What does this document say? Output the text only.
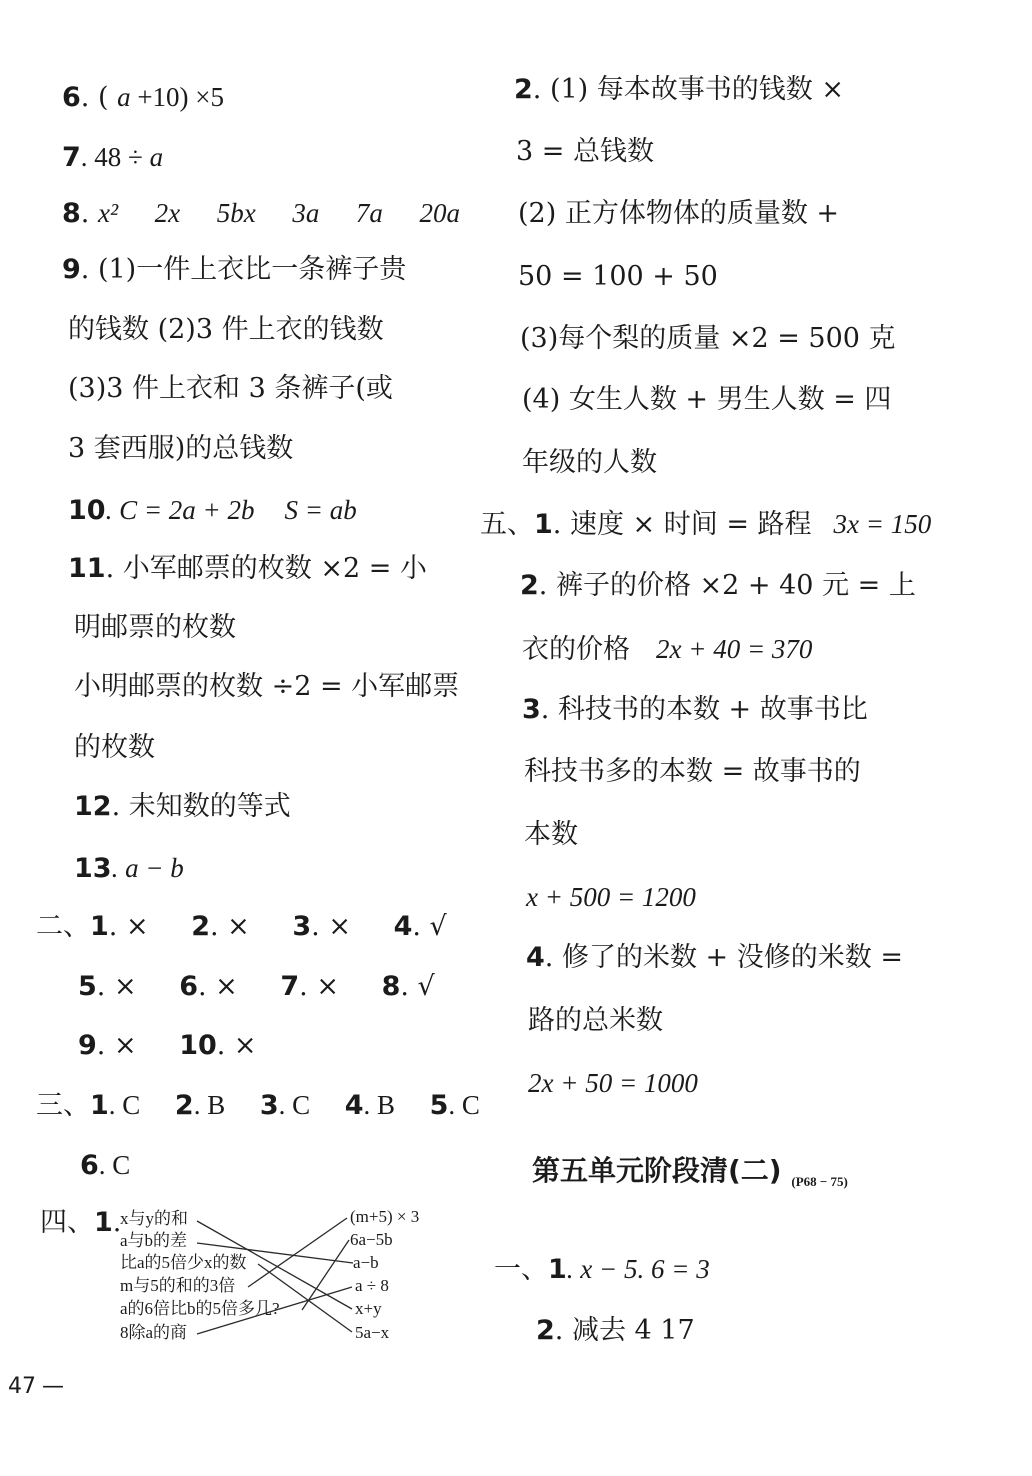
6. ( a +10) ×5
7. 48 ÷ a
8. x² 2x 5bx 3a 7a 20a
9. (1)一件上衣比一条裤子贵
的钱数 (2)3 件上衣的钱数
(3)3 件上衣和 3 条裤子(或
3 套西服)的总钱数
10. C = 2a + 2b S = ab
11. 小军邮票的枚数 ×2 = 小
明邮票的枚数
小明邮票的枚数 ÷2 = 小军邮票
的枚数
12. 未知数的等式
13. a − b
二、1. × 2. × 3. × 4. √
5. × 6. × 7. × 8. √
9. × 10. ×
三、1. C 2. B 3. C 4. B 5. C
6. C
四、1.
x与y的和
a与b的差
比a的5倍少x的数
m与5的和的3倍
a的6倍比b的5倍多几?
8除a的商
(m+5) × 3
6a−5b
a−b
a ÷ 8
x+y
5a−x
2. (1) 每本故事书的钱数 ×
3 = 总钱数
(2) 正方体物体的质量数 +
50 = 100 + 50
(3)每个梨的质量 ×2 = 500 克
(4) 女生人数 + 男生人数 = 四
年级的人数
五、1. 速度 × 时间 = 路程 3x = 150
2. 裤子的价格 ×2 + 40 元 = 上
衣的价格 2x + 40 = 370
3. 科技书的本数 + 故事书比
科技书多的本数 = 故事书的
本数
x + 500 = 1200
4. 修了的米数 + 没修的米数 =
路的总米数
2x + 50 = 1000
第五单元阶段清(二) $_{(P68 - 75)}$
一、1. x − 5. 6 = 3
2. 减去 4 17
47 —
